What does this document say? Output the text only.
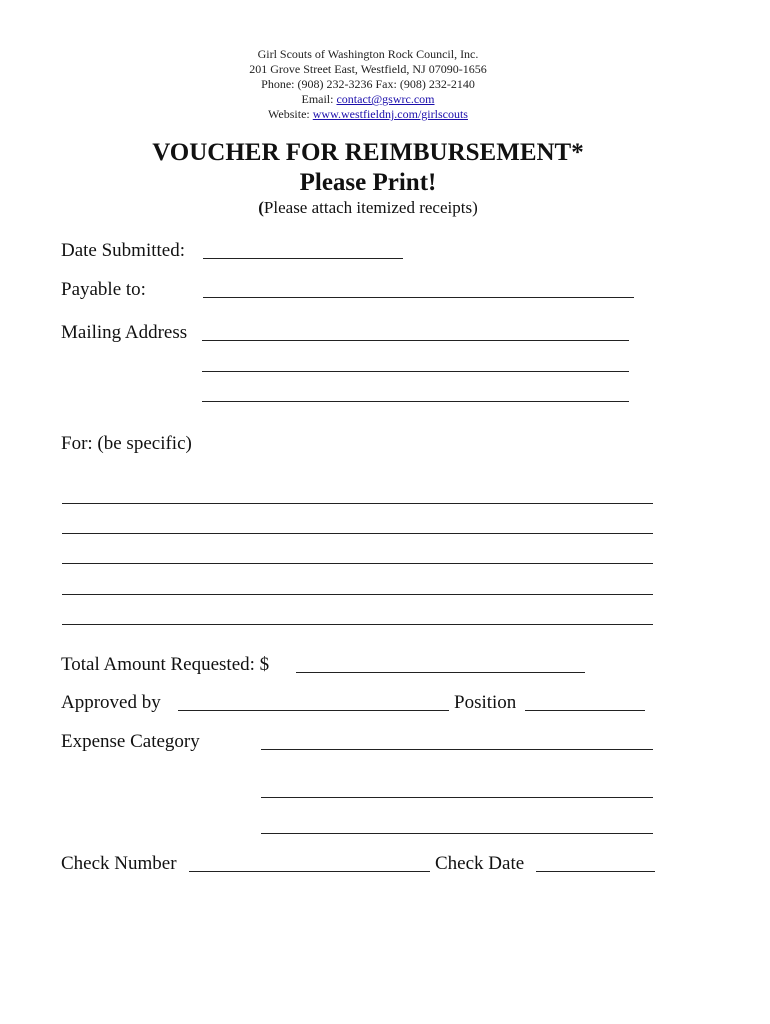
Girl Scouts of Washington Rock Council, Inc.
201 Grove Street East, Westfield, NJ 07090-1656
Phone: (908) 232-3236 Fax: (908) 232-2140
Email: contact@gswrc.com
Website: www.westfieldnj.com/girlscouts
VOUCHER FOR REIMBURSEMENT*
Please Print!
(Please attach itemized receipts)
Date Submitted:
Payable to:
Mailing Address
For: (be specific)
Total Amount Requested: $
Approved by	Position
Expense Category
Check Number	Check Date
